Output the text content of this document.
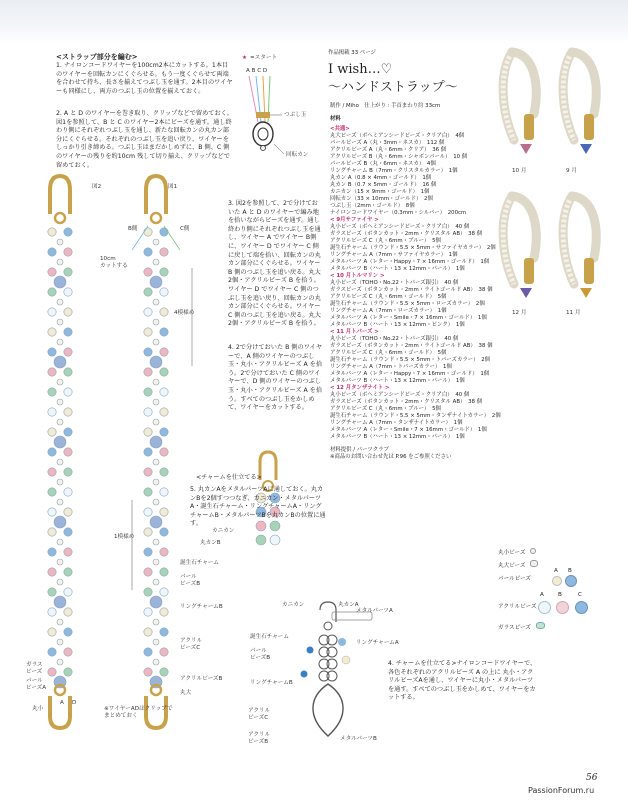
<ストラップ部分を編む>
1. ナイロンコードワイヤーを100cm2本にカットする。1本目のワイヤーを回転カンにくぐらせる。もう一度くぐらせて両端を合わせて持ち、長さを揃えてつぶし玉を通す。2本目のワイヤーも同様にし、両方のつぶし玉の位置を揃えておく。
2. A と D のワイヤーを巻き取り、クリップなどで留めておく。図1を参照して、B と C のワイヤー2本にビーズを通す。通し終わり側にそれぞれつぶし玉を通し、新たな回転カンの丸カン部分にくぐらせる。それぞれのつぶし玉を追い戻り、ワイヤーをしっかり引き締める。つぶし玉はまだかしめずに、B 側、C 側のワイヤーの残りを約10cm 残して切り揃え、クリップなどで留めておく。
★ =スタート
A B C D
つぶし玉
回転カン
図2	図1
B側	C側
10cm
カットする
4模様め
1模様め
※ワイヤーADはクリップで
まとめておく
A D
丸小
ガラス
ビーズ
パール
ビーズA
カニカン
丸カンB
誕生石チャーム
パール
ビーズB
リングチャームB
アクリル
ビーズC
アクリルビーズB
丸大
3. 図2を参照して、2で分けておいた A と D のワイヤーで編み地を拾いながらビーズを通す。通し終わり側にそれぞれつぶし玉を通し、ワイヤー A でワイヤー B側に、ワイヤー D でワイヤー C 側に戻して端を拾い、回転カンの丸カン部分にくぐらせる。ワイヤー B 側のつぶし玉を追い戻る。丸大2個・アクリルビーズ B を拾う。ワイヤー D でワイヤー C 側のつぶし玉を追い戻り、回転カンの丸カン部分にくぐらせる。ワイヤー C 側のつぶし玉を追い戻る。丸大2個・アクリルビーズ B を拾う。
4. 2で分けておいた B 側のワイヤーで、A 側のワイヤーのつぶし玉・丸小・アクリルビーズ A を拾う。2で分けておいた C 側のワイヤーで、D 側のワイヤーのつぶし玉・丸小・アクリルビーズ A を拾う。すべてのつぶし玉をかしめて、ワイヤーをカットする。
<チャームを仕立てる>
5. 丸カンAをメタルパーツAに通しておく。丸カンBを2個すつつなぎ、カニカン・メタルパーツA・誕生石チャーム・リングチャームA・リングチャームB・メタルパーツBを丸カンBの位置に通す。
カニカン	丸カンA
メタルパーツA
誕生石チャーム
リングチャームA
パール
ビーズB
リングチャームB
アクリル
ビーズC
アクリル
ビーズB	メタルパーツB
4. チャームを仕立てる>ナイロンコードワイヤーで、各色それぞれのアクリルビーズ A の上に 丸小・アクリルビーズAを通し、ワイヤーに丸小・メタルパーツを通す。すべてのつぶし玉をかしめて、ワイヤーをカットする。
作品掲載 33 ページ
I wish…♡
〜ハンドストラップ〜
制作 / Miho　仕上がり : 手首まわり約 33cm
材料
<共通>
丸大ビーズ（ボヘミアンシードビーズ・クリア白）　4個
パールビーズ A（丸・3mm・ネスカ）　112 個
アクリルビーズ A（丸・6mm・クリア）　36 個
アクリルビーズ B（丸・6mm・シャボンパール）　10 個
パールビーズ B（丸・6mm・ネスカ）　4個
リングチャーム B（7mm・クリスタルカラー）　1個
丸カン A（0.8 × 4mm・ゴールド）　1個
丸カン B（0.7 × 5mm・ゴールド）　16 個
カニカン（15 × 9mm・ゴールド）　1個
回転カン（33 × 10mm・ゴールド）　2個
つぶし玉（2mm・ゴールド）　8個
ナイロンコードワイヤー（0.3mm・シルバー）　200cm
< 9月サファイヤ >
丸小ビーズ（ボヘミアンシードビーズ・クリア白）　40 個
ガラスビーズ（ボタンカット・2mm・クリスタル AB）　38 個
アクリルビーズ C（丸・6mm・ブルー）　5個
誕生石チャーム（ラウンド・5.5 × 5mm・サファイヤカラー）　2個
リングチャーム A（7mm・サファイヤカラー）　1個
メタルパーツ A（レター・Happy・7 × 16mm・ゴールド）　1個
メタルパーツ B（ハート・13 × 12mm・パール）　1個
< 10 月トルマリン >
丸小ビーズ（TOHO・No.22・トパーズ銀引）　40 個
ガラスビーズ（ボタンカット・2mm・ライトゴールド AB）　38 個
アクリルビーズ C（丸・6mm・ゴールド）　5個
誕生石チャーム（ラウンド・5.5 × 5mm・ローズカラー）　2個
リングチャーム A（7mm・ローズカラー）　1個
メタルパーツ A（レター・Smile・7 × 16mm・ゴールド）　1個
メタルパーツ B（ハート・13 × 12mm・ピンク）　1個
< 11 月トパーズ >
丸小ビーズ（TOHO・No.22・トパーズ銀引）　40 個
ガラスビーズ（ボタンカット・2mm・ライトゴールド AB）　38 個
アクリルビーズ C（丸・6mm・ゴールド）　5個
誕生石チャーム（ラウンド・5.5 × 5mm・トパーズカラー）　2個
リングチャーム A（7mm・トパーズカラー）　1個
メタルパーツ A（レター・Happy・7 × 16mm・ゴールド）　1個
メタルパーツ B（ハート・13 × 12mm・パール）　1個
< 12 月タンザナイト >
丸小ビーズ（ボヘミアンシードビーズ・クリア白）　40 個
ガラスビーズ（ボタンカット・2mm・クリスタル AB）　38 個
アクリルビーズ C（丸・6mm・ブルー）　5個
誕生石チャーム（ラウンド・5.5 × 5mm・タンザナイトカラー）　2個
リングチャーム A（7mm・タンザナイトカラー）　1個
メタルパーツ A（レター・Smile・7 × 16mm・ゴールド）　1個
メタルパーツ B（ハート・13 × 12mm・パール）　1個
材料提供 / パーツクラブ
※商品のお問い合わせ先は P.96 をご参照ください
10 月	9 月
12 月	11 月
丸小ビーズ
丸大ビーズ
パールビーズ
A B
アクリルビーズ
A	B	C
ガラスビーズ
56
PassionForum.ru
